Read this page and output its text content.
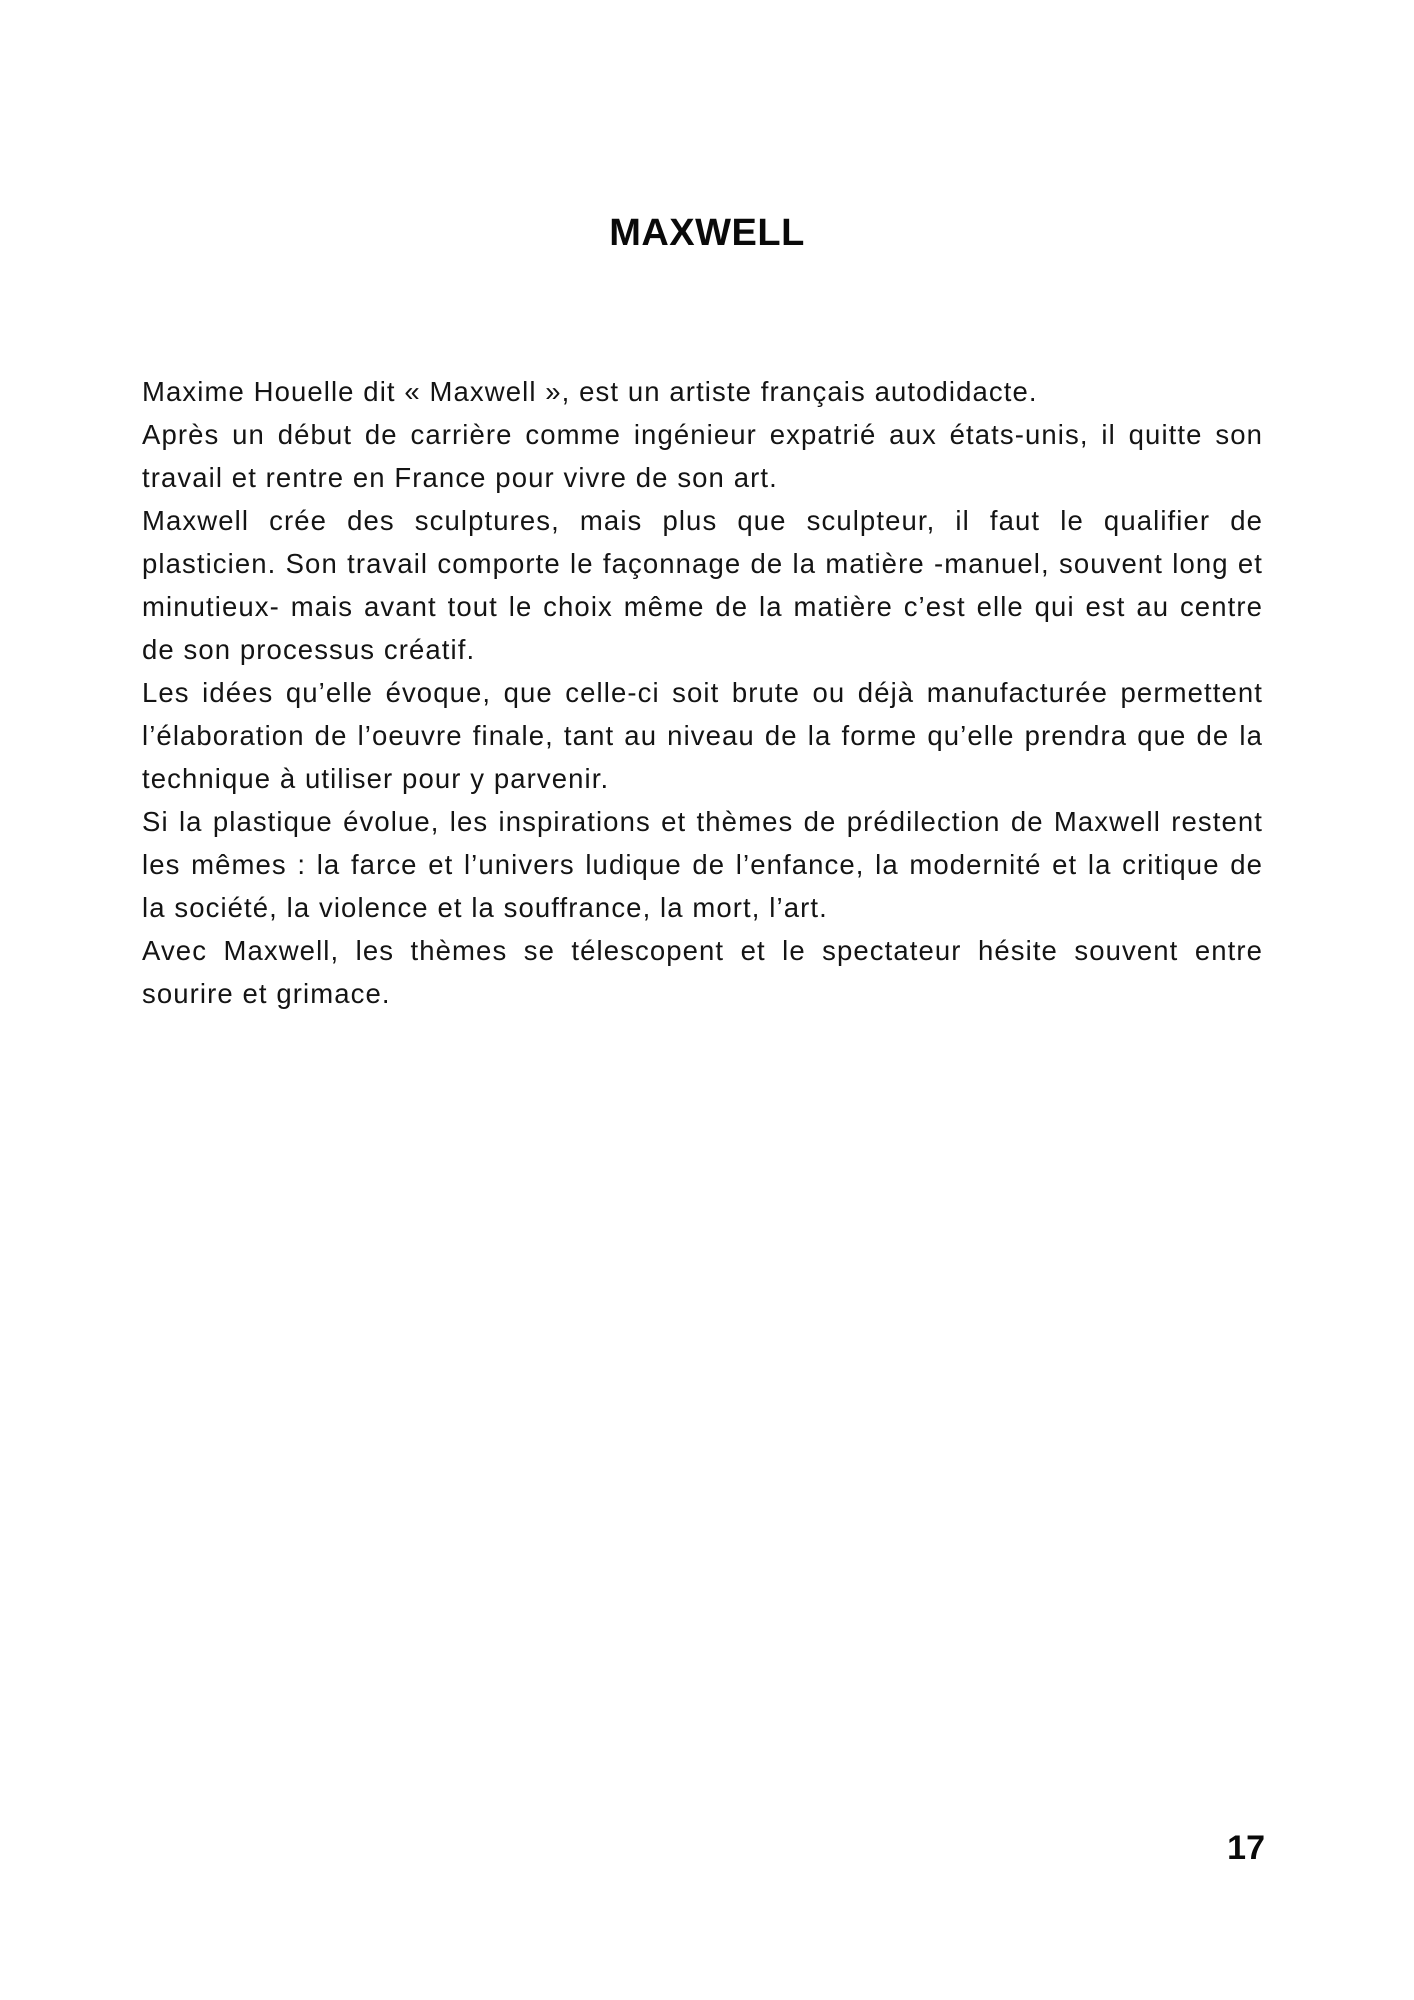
MAXWELL

Maxime Houelle dit « Maxwell », est un artiste français autodidacte.

Après un début de carrière comme ingénieur expatrié aux états-unis, il quitte son travail et rentre en France pour vivre de son art.

Maxwell crée des sculptures, mais plus que sculpteur, il faut le qualifier de plasticien. Son travail comporte le façonnage de la matière -manuel, souvent long et minutieux- mais avant tout le choix même de la matière c’est elle qui est au centre de son processus créatif.

Les idées qu’elle évoque, que celle-ci soit brute ou déjà manufacturée permettent l’élaboration de l’oeuvre finale, tant au niveau de la forme qu’elle prendra que de la technique à utiliser pour y parvenir.

Si la plastique évolue, les inspirations et thèmes de prédilection de Maxwell restent les mêmes : la farce et l’univers ludique de l’enfance, la modernité et la critique de la société, la violence et la souffrance, la mort, l’art.

Avec Maxwell, les thèmes se télescopent et le spectateur hésite souvent entre sourire et grimace.

17
